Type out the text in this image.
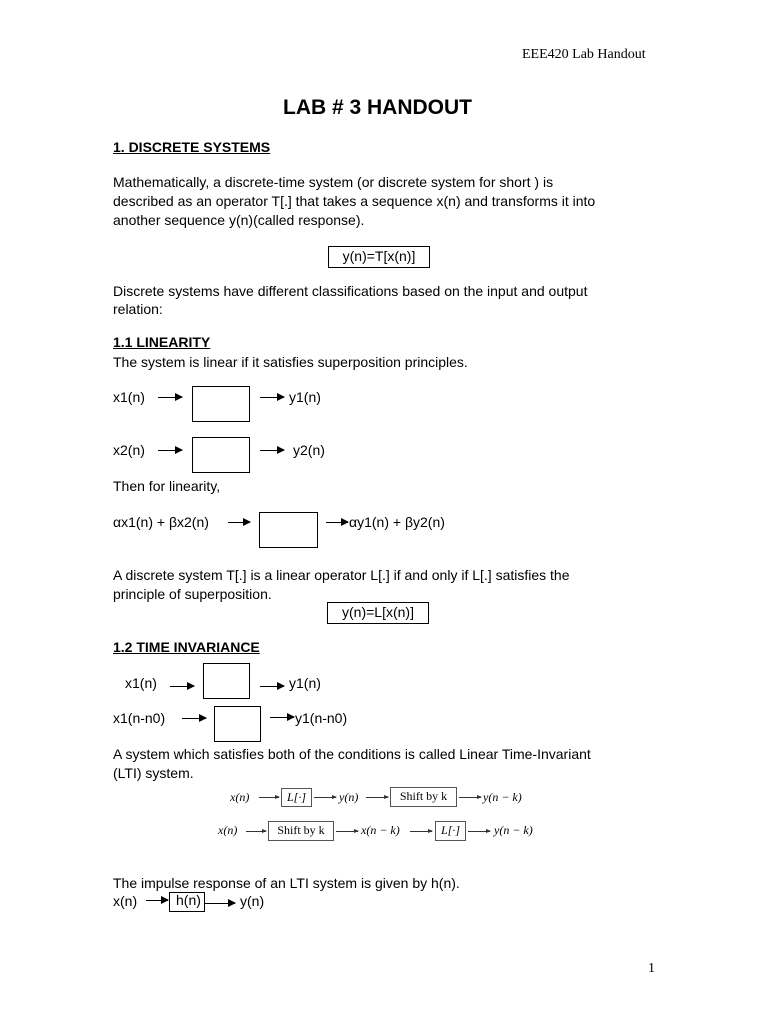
EEE420 Lab Handout
LAB # 3 HANDOUT
1. DISCRETE SYSTEMS
Mathematically, a discrete-time system (or discrete system for short ) is
described as an operator T[.] that takes a sequence x(n) and transforms it into
another sequence y(n)(called response).
y(n)=T[x(n)]
Discrete systems have different classifications based on the input and output
relation:
1.1 LINEARITY
The system is linear if it satisfies superposition principles.
x1(n)	y1(n)
x2(n)	y2(n)
Then for linearity,
αx1(n) + βx2(n)	αy1(n) + βy2(n)
A discrete system T[.] is a linear operator L[.] if and only if L[.] satisfies the
principle of superposition.
y(n)=L[x(n)]
1.2 TIME INVARIANCE
x1(n)	y1(n)
x1(n-n0)	y1(n-n0)
A system which satisfies both of the conditions is called Linear Time-Invariant
(LTI) system.
x(n)	L[·]	y(n)	Shift by k	y(n − k)
x(n)	Shift by k	x(n − k)	L[·]	y(n − k)
The impulse response of an LTI system is given by h(n).
x(n)	h(n)	y(n)
1
